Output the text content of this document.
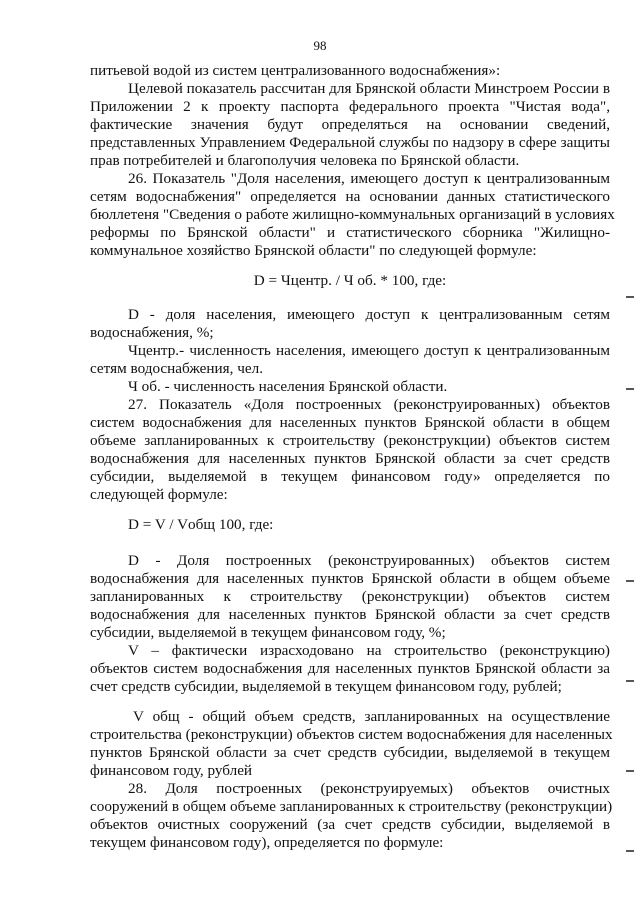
98
питьевой водой из систем централизованного водоснабжения»:
Целевой показатель рассчитан для Брянской области Минстроем России в
Приложении 2 к проекту паспорта федерального проекта "Чистая вода",
фактические значения будут определяться на основании сведений,
представленных Управлением Федеральной службы по надзору в сфере защиты
прав потребителей и благополучия человека по Брянской области.
26. Показатель "Доля населения, имеющего доступ к централизованным
сетям водоснабжения" определяется на основании данных статистического
бюллетеня "Сведения о работе жилищно-коммунальных организаций в условиях
реформы по Брянской области" и статистического сборника "Жилищно-
коммунальное хозяйство Брянской области" по следующей формуле:
D = Чцентр. / Ч об. * 100, где:
D - доля населения, имеющего доступ к централизованным сетям
водоснабжения, %;
Чцентр.- численность населения, имеющего доступ к централизованным
сетям водоснабжения, чел.
Ч об. - численность населения Брянской области.
27. Показатель «Доля построенных (реконструированных) объектов
систем водоснабжения для населенных пунктов Брянской области в общем
объеме запланированных к строительству (реконструкции) объектов систем
водоснабжения для населенных пунктов Брянской области за счет средств
субсидии, выделяемой в текущем финансовом году» определяется по
следующей формуле:
D = V / Vобщ 100, где:
D - Доля построенных (реконструированных) объектов систем
водоснабжения для населенных пунктов Брянской области в общем объеме
запланированных к строительству (реконструкции) объектов систем
водоснабжения для населенных пунктов Брянской области за счет средств
субсидии, выделяемой в текущем финансовом году, %;
V – фактически израсходовано на строительство (реконструкцию)
объектов систем водоснабжения для населенных пунктов Брянской области за
счет средств субсидии, выделяемой в текущем финансовом году, рублей;
V общ - общий объем средств, запланированных на осуществление
строительства (реконструкции) объектов систем водоснабжения для населенных
пунктов Брянской области за счет средств субсидии, выделяемой в текущем
финансовом году, рублей
28. Доля построенных (реконструируемых) объектов очистных
сооружений в общем объеме запланированных к строительству (реконструкции)
объектов очистных сооружений (за счет средств субсидии, выделяемой в
текущем финансовом году), определяется по формуле:
